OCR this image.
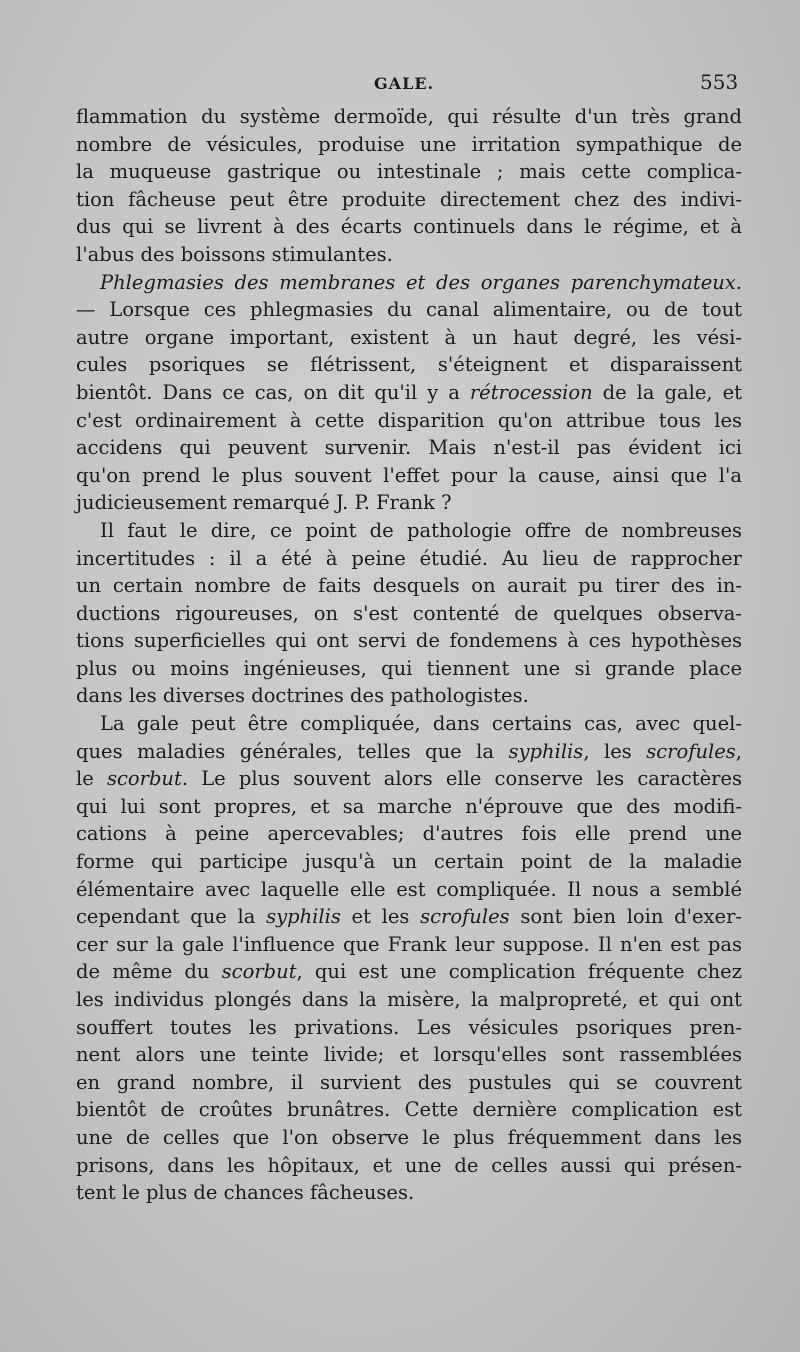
GALE.	553
flammation du système dermoïde, qui résulte d'un très grand
nombre de vésicules, produise une irritation sympathique de
la muqueuse gastrique ou intestinale ; mais cette complica-
tion fâcheuse peut être produite directement chez des indivi-
dus qui se livrent à des écarts continuels dans le régime, et à
l'abus des boissons stimulantes.
Phlegmasies des membranes et des organes parenchymateux.
— Lorsque ces phlegmasies du canal alimentaire, ou de tout
autre organe important, existent à un haut degré, les vési-
cules psoriques se flétrissent, s'éteignent et disparaissent
bientôt. Dans ce cas, on dit qu'il y a rétrocession de la gale, et
c'est ordinairement à cette disparition qu'on attribue tous les
accidens qui peuvent survenir. Mais n'est-il pas évident ici
qu'on prend le plus souvent l'effet pour la cause, ainsi que l'a
judicieusement remarqué J. P. Frank ?
Il faut le dire, ce point de pathologie offre de nombreuses
incertitudes : il a été à peine étudié. Au lieu de rapprocher
un certain nombre de faits desquels on aurait pu tirer des in-
ductions rigoureuses, on s'est contenté de quelques observa-
tions superficielles qui ont servi de fondemens à ces hypothèses
plus ou moins ingénieuses, qui tiennent une si grande place
dans les diverses doctrines des pathologistes.
La gale peut être compliquée, dans certains cas, avec quel-
ques maladies générales, telles que la syphilis, les scrofules,
le scorbut. Le plus souvent alors elle conserve les caractères
qui lui sont propres, et sa marche n'éprouve que des modifi-
cations à peine apercevables; d'autres fois elle prend une
forme qui participe jusqu'à un certain point de la maladie
élémentaire avec laquelle elle est compliquée. Il nous a semblé
cependant que la syphilis et les scrofules sont bien loin d'exer-
cer sur la gale l'influence que Frank leur suppose. Il n'en est pas
de même du scorbut, qui est une complication fréquente chez
les individus plongés dans la misère, la malpropreté, et qui ont
souffert toutes les privations. Les vésicules psoriques pren-
nent alors une teinte livide; et lorsqu'elles sont rassemblées
en grand nombre, il survient des pustules qui se couvrent
bientôt de croûtes brunâtres. Cette dernière complication est
une de celles que l'on observe le plus fréquemment dans les
prisons, dans les hôpitaux, et une de celles aussi qui présen-
tent le plus de chances fâcheuses.
